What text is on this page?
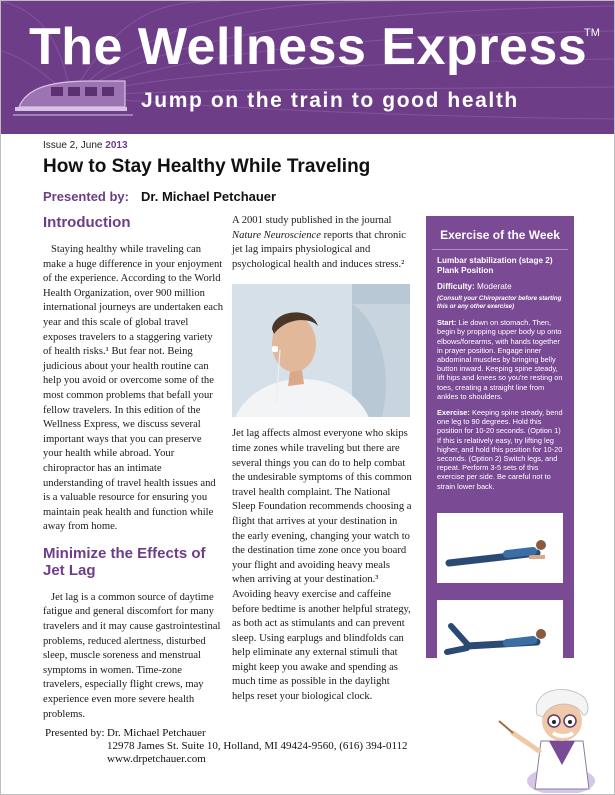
The Wellness Express
TM
Jump on the train to good health
Issue 2, June 2013
How to Stay Healthy While Traveling
Presented by: Dr. Michael Petchauer
Introduction

Staying healthy while traveling can make a huge difference in your enjoyment of the experience. According to the World Health Organization, over 900 million international journeys are undertaken each year and this scale of global travel exposes travelers to a staggering variety of health risks.¹ But fear not. Being judicious about your health routine can help you avoid or overcome some of the most common problems that befall your fellow travelers. In this edition of the Wellness Express, we discuss several important ways that you can preserve your health while abroad. Your chiropractor has an intimate understanding of travel health issues and is a valuable resource for ensuring you maintain peak health and function while away from home.

Minimize the Effects of Jet Lag

Jet lag is a common source of daytime fatigue and general discomfort for many travelers and it may cause gastrointestinal problems, reduced alertness, disturbed sleep, muscle soreness and menstrual symptoms in women. Time-zone travelers, especially flight crews, may experience even more severe health problems.

A 2001 study published in the journal Nature Neuroscience reports that chronic jet lag impairs physiological and psychological health and induces stress.²
Jet lag affects almost everyone who skips time zones while traveling but there are several things you can do to help combat the undesirable symptoms of this common travel health complaint. The National Sleep Foundation recommends choosing a flight that arrives at your destination in the early evening, changing your watch to the destination time zone once you board your flight and avoiding heavy meals when arriving at your destination.³ Avoiding heavy exercise and caffeine before bedtime is another helpful strategy, as both act as stimulants and can prevent sleep. Using earplugs and blindfolds can help eliminate any external stimuli that might keep you awake and spending as much time as possible in the daylight helps reset your biological clock.
Exercise of the Week
Lumbar stabilization (stage 2) Plank Position
Difficulty: Moderate
(Consult your Chiropractor before starting this or any other exercise)
Start: Lie down on stomach. Then, begin by propping upper body up onto elbows/forearms, with hands together in prayer position. Engage inner abdominal muscles by bringing belly button inward. Keeping spine steady, lift hips and knees so you're resting on toes, creating a straight line from ankles to shoulders.
Exercise: Keeping spine steady, bend one leg to 90 degrees. Hold this position for 10-20 seconds. (Option 1) If this is relatively easy, try lifting leg higher, and hold this position for 10-20 seconds. (Option 2) Switch legs, and repeat. Perform 3-5 sets of this exercise per side. Be careful not to strain lower back.
Presented by: Dr. Michael Petchauer
12978 James St. Suite 10, Holland, MI 49424-9560, (616) 394-0112
www.drpetchauer.com
